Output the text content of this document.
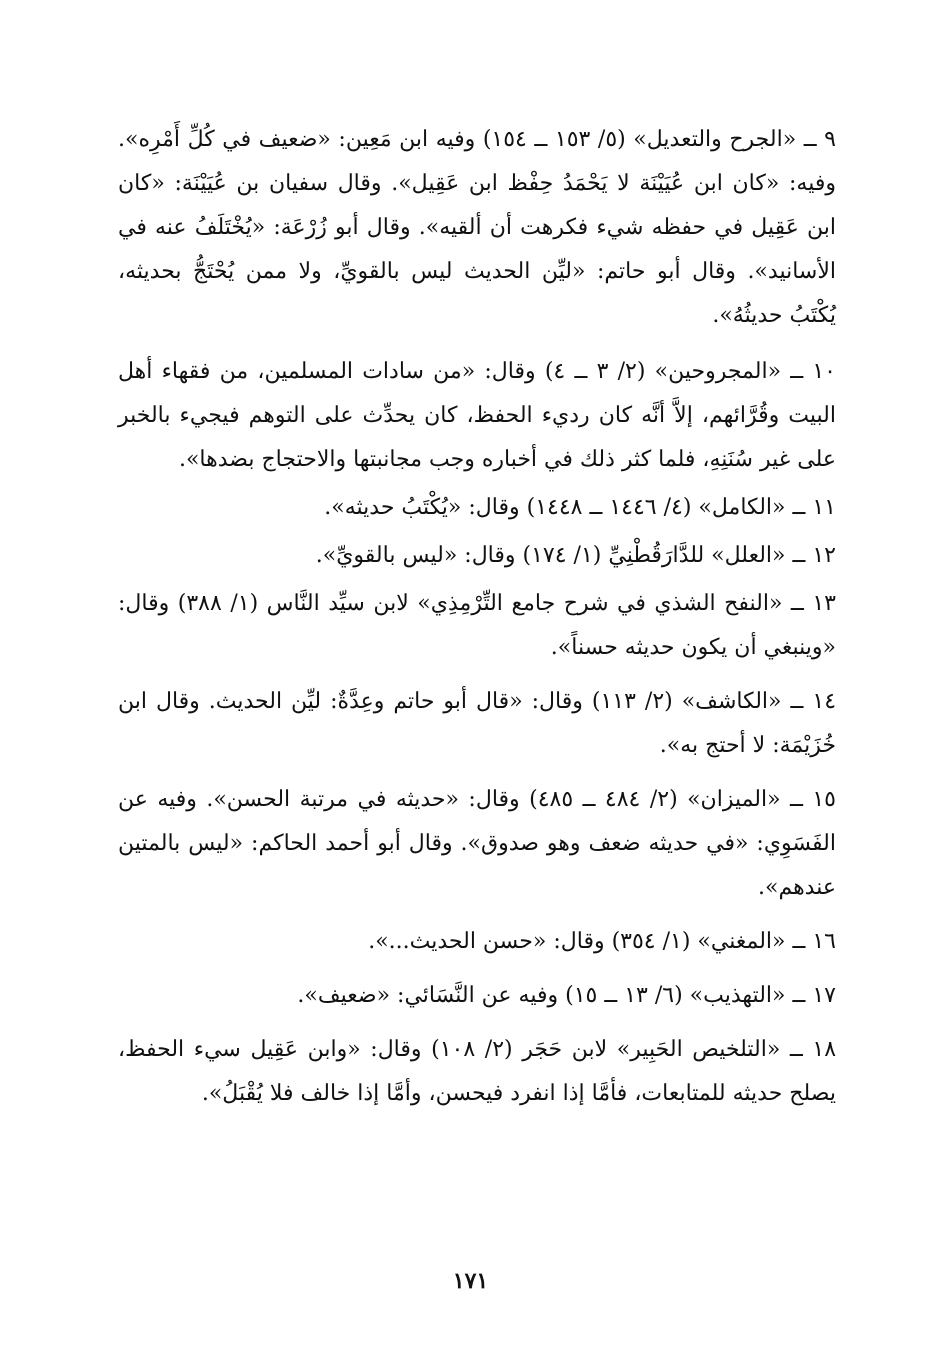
٩ ــ «الجرح والتعديل» (٥/ ١٥٣ ــ ١٥٤) وفيه ابن مَعِين: «ضعيف في كُلِّ أَمْرِه». وفيه: «كان ابن عُيَيْنَة لا يَحْمَدُ حِفْظ ابن عَقِيل». وقال سفيان بن عُيَيْنَة: «كان ابن عَقِيل في حفظه شيء فكرهت أن ألقيه». وقال أبو زُرْعَة: «يُخْتَلَفُ عنه في الأسانيد». وقال أبو حاتم: «ليِّن الحديث ليس بالقويِّ، ولا ممن يُحْتَجُّ بحديثه، يُكْتَبُ حديثُهُ».

١٠ ــ «المجروحين» (٢/ ٣ ــ ٤) وقال: «من سادات المسلمين، من فقهاء أهل البيت وقُرَّائهم، إلاَّ أنَّه كان رديء الحفظ، كان يحدِّث على التوهم فيجيء بالخبر على غير سُنَنِهِ، فلما كثر ذلك في أخباره وجب مجانبتها والاحتجاج بضدها».

١١ ــ «الكامل» (٤/ ١٤٤٦ ــ ١٤٤٨) وقال: «يُكْتَبُ حديثه».

١٢ ــ «العلل» للدَّارَقُطْنِيِّ (١/ ١٧٤) وقال: «ليس بالقويِّ».

١٣ ــ «النفح الشذي في شرح جامع التِّرْمِذِي» لابن سيِّد النَّاس (١/ ٣٨٨) وقال: «وينبغي أن يكون حديثه حسناً».

١٤ ــ «الكاشف» (٢/ ١١٣) وقال: «قال أبو حاتم وعِدَّةٌ: ليِّن الحديث. وقال ابن خُزَيْمَة: لا أحتج به».

١٥ ــ «الميزان» (٢/ ٤٨٤ ــ ٤٨٥) وقال: «حديثه في مرتبة الحسن». وفيه عن الفَسَوِي: «في حديثه ضعف وهو صدوق». وقال أبو أحمد الحاكم: «ليس بالمتين عندهم».

١٦ ــ «المغني» (١/ ٣٥٤) وقال: «حسن الحديث...».

١٧ ــ «التهذيب» (٦/ ١٣ ــ ١٥) وفيه عن النَّسَائي: «ضعيف».

١٨ ــ «التلخيص الحَبِير» لابن حَجَر (٢/ ١٠٨) وقال: «وابن عَقِيل سيء الحفظ، يصلح حديثه للمتابعات، فأمَّا إذا انفرد فيحسن، وأمَّا إذا خالف فلا يُقْبَلُ».

١٧١
